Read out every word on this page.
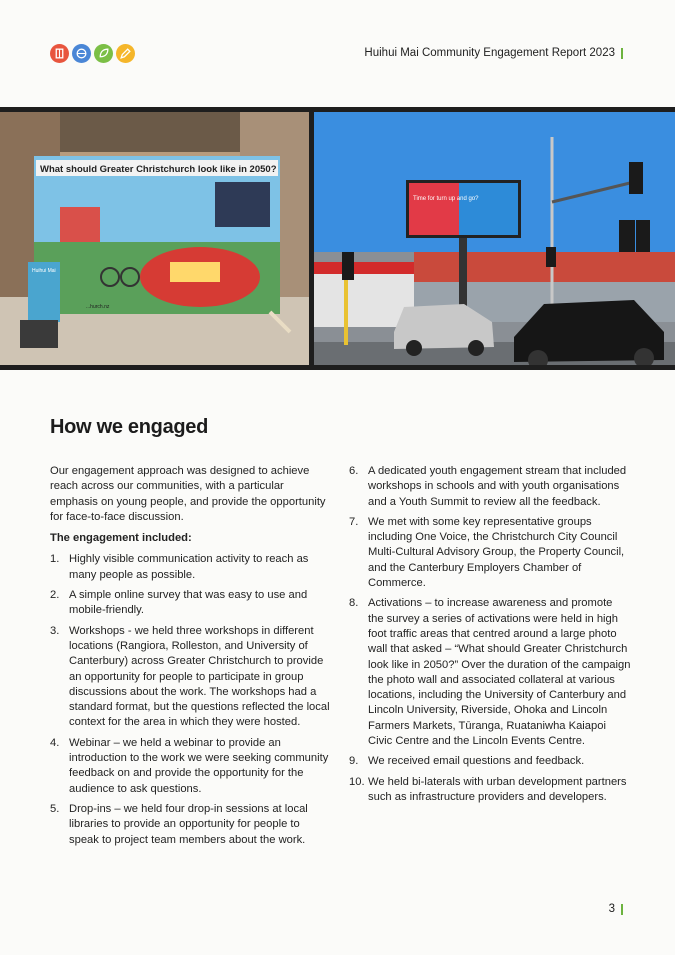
Huihui Mai Community Engagement Report 2023
What should Greater Christchurch look like in 2050?
Huihui Mai
...hurch.nz
Time for turn up and go?
How we engaged

Our engagement approach was designed to achieve reach across our communities, with a particular emphasis on young people, and provide the opportunity for face-to-face discussion.

The engagement included:
1. Highly visible communication activity to reach as many people as possible.
2. A simple online survey that was easy to use and mobile-friendly.
3. Workshops - we held three workshops in different locations (Rangiora, Rolleston, and University of Canterbury) across Greater Christchurch to provide an opportunity for people to participate in group discussions about the work. The workshops had a standard format, but the questions reflected the local context for the area in which they were hosted.
4. Webinar – we held a webinar to provide an introduction to the work we were seeking community feedback on and provide the opportunity for the audience to ask questions.
5. Drop-ins – we held four drop-in sessions at local libraries to provide an opportunity for people to speak to project team members about the work.
6. A dedicated youth engagement stream that included workshops in schools and with youth organisations and a Youth Summit to review all the feedback.
7. We met with some key representative groups including One Voice, the Christchurch City Council Multi-Cultural Advisory Group, the Property Council, and the Canterbury Employers Chamber of Commerce.
8. Activations – to increase awareness and promote the survey a series of activations were held in high foot traffic areas that centred around a large photo wall that asked – “What should Greater Christchurch look like in 2050?” Over the duration of the campaign the photo wall and associated collateral at various locations, including the University of Canterbury and Lincoln University, Riverside, Ohoka and Lincoln Farmers Markets, Tūranga, Ruataniwha Kaiapoi Civic Centre and the Lincoln Events Centre.
9. We received email questions and feedback.
10. We held bi-laterals with urban development partners such as infrastructure providers and developers.
3
